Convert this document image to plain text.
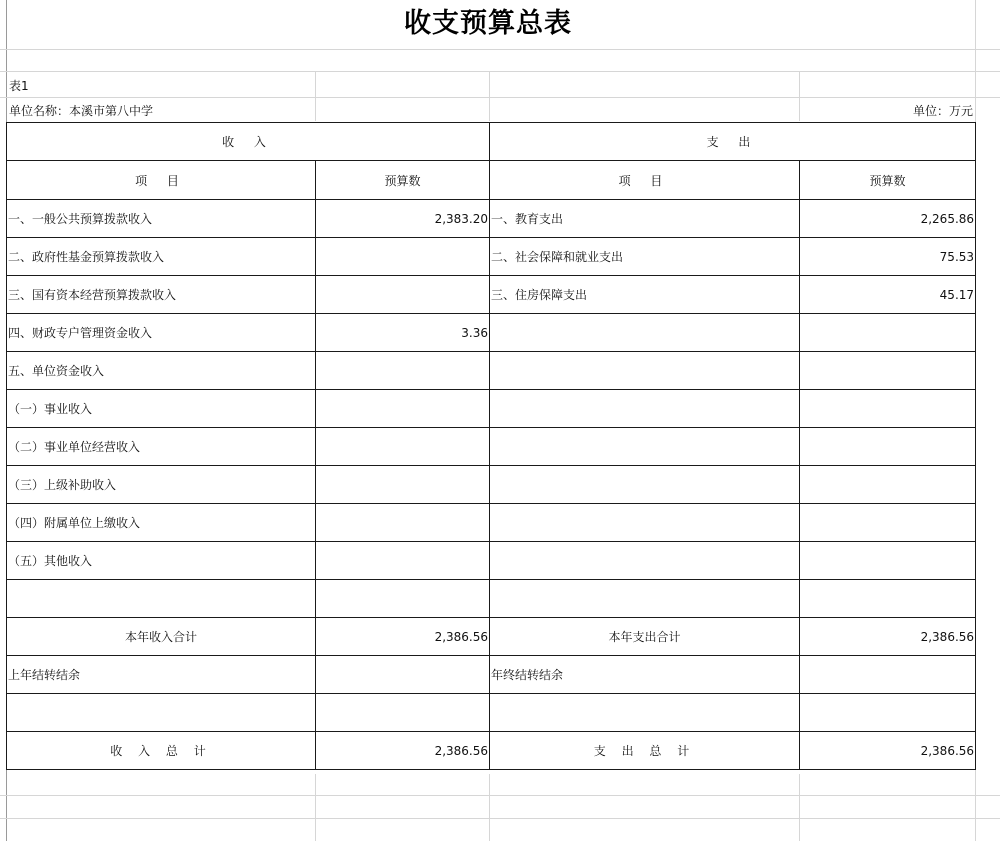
收支预算总表
表1
单位名称：本溪市第八中学	单位：万元
收 入		支 出	
项 目	预算数	项 目	预算数
一、一般公共预算拨款收入	2,383.20	一、教育支出	2,265.86
二、政府性基金预算拨款收入		二、社会保障和就业支出	75.53
三、国有资本经营预算拨款收入		三、住房保障支出	45.17
四、财政专户管理资金收入	3.36		
五、单位资金收入			
（一）事业收入			
（二）事业单位经营收入			
（三）上级补助收入			
（四）附属单位上缴收入			
（五）其他收入			

本年收入合计	2,386.56	本年支出合计	2,386.56
上年结转结余		年终结转结余	

收 入 总 计	2,386.56	支 出 总 计	2,386.56
